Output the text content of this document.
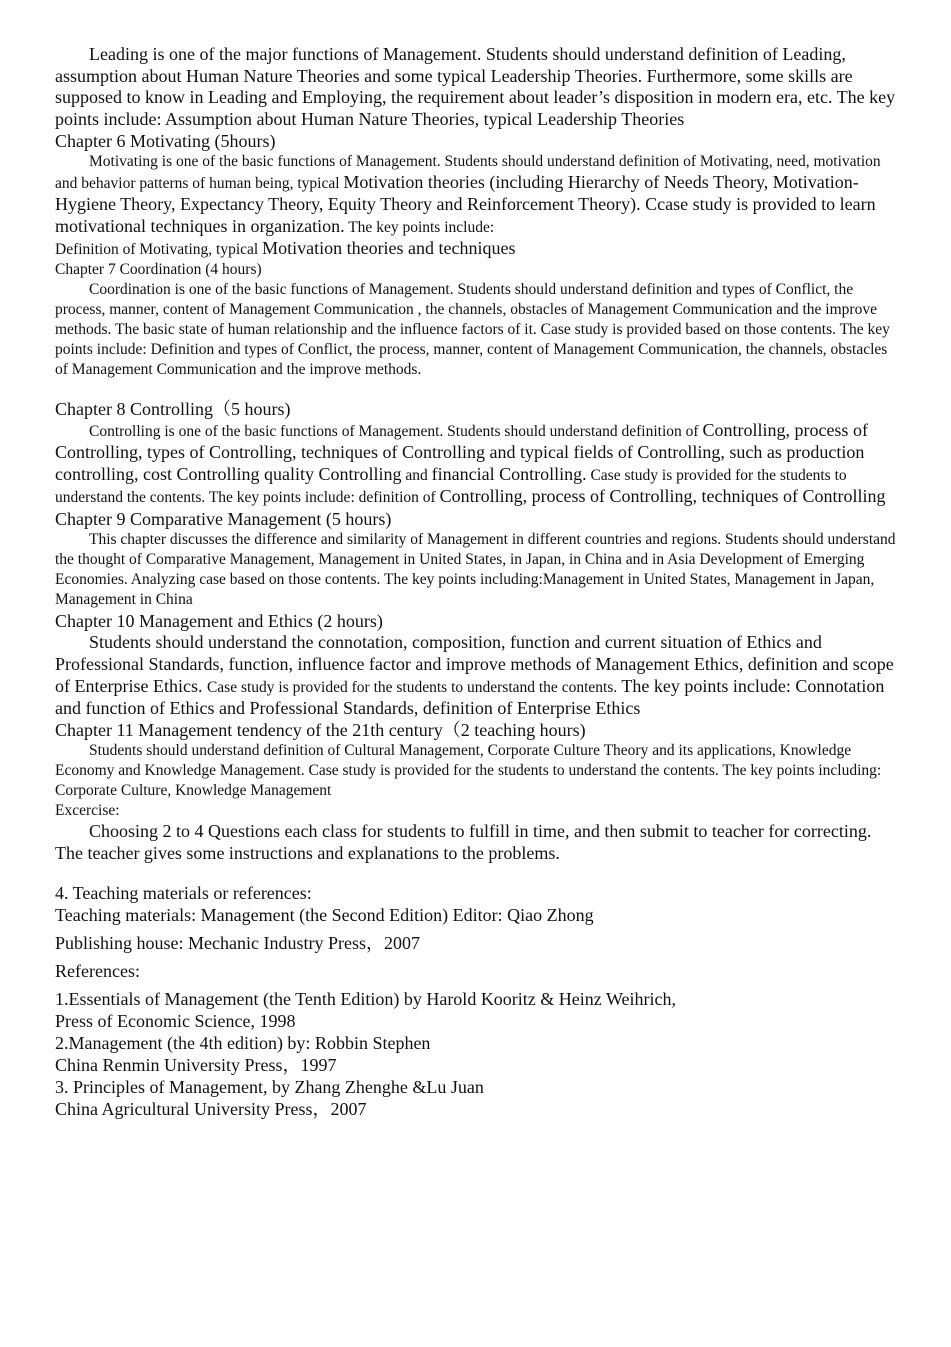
Leading is one of the major functions of Management. Students should understand definition of Leading, assumption about Human Nature Theories and some typical Leadership Theories. Furthermore, some skills are supposed to know in Leading and Employing, the requirement about leader’s disposition in modern era, etc. The key points include: Assumption about Human Nature Theories, typical Leadership Theories

Chapter 6 Motivating (5hours)

Motivating is one of the basic functions of Management. Students should understand definition of Motivating, need, motivation and behavior patterns of human being, typical Motivation theories (including Hierarchy of Needs Theory, Motivation-Hygiene Theory, Expectancy Theory, Equity Theory and Reinforcement Theory). Ccase study is provided to learn motivational techniques in organization. The key points include:

Definition of Motivating, typical Motivation theories and techniques

Chapter 7 Coordination (4 hours)

Coordination is one of the basic functions of Management. Students should understand definition and types of Conflict, the process, manner, content of Management Communication , the channels, obstacles of Management Communication and the improve methods. The basic state of human relationship and the influence factors of it. Case study is provided based on those contents. The key points include: Definition and types of Conflict, the process, manner, content of Management Communication, the channels, obstacles of Management Communication and the improve methods.

Chapter 8 Controlling（5 hours)

Controlling is one of the basic functions of Management. Students should understand definition of Controlling, process of Controlling, types of Controlling, techniques of Controlling and typical fields of Controlling, such as production controlling, cost Controlling quality Controlling and financial Controlling. Case study is provided for the students to understand the contents. The key points include: definition of Controlling, process of Controlling, techniques of Controlling

Chapter 9 Comparative Management (5 hours)

This chapter discusses the difference and similarity of Management in different countries and regions. Students should understand the thought of Comparative Management, Management in United States, in Japan, in China and in Asia Development of Emerging Economies. Analyzing case based on those contents. The key points including:Management in United States, Management in Japan, Management in China

Chapter 10 Management and Ethics (2 hours)

Students should understand the connotation, composition, function and current situation of Ethics and Professional Standards, function, influence factor and improve methods of Management Ethics, definition and scope of Enterprise Ethics. Case study is provided for the students to understand the contents. The key points include: Connotation and function of Ethics and Professional Standards, definition of Enterprise Ethics

Chapter 11 Management tendency of the 21th century（2 teaching hours)

Students should understand definition of Cultural Management, Corporate Culture Theory and its applications, Knowledge Economy and Knowledge Management. Case study is provided for the students to understand the contents. The key points including: Corporate Culture, Knowledge Management

Excercise:

Choosing 2 to 4 Questions each class for students to fulfill in time, and then submit to teacher for correcting. The teacher gives some instructions and explanations to the problems.

4. Teaching materials or references:
Teaching materials: Management (the Second Edition) Editor: Qiao Zhong
Publishing house: Mechanic Industry Press，2007
References:
1.Essentials of Management (the Tenth Edition) by Harold Kooritz & Heinz Weihrich,
Press of Economic Science, 1998
2.Management (the 4th edition) by: Robbin Stephen
China Renmin University Press，1997
3. Principles of Management, by Zhang Zhenghe &Lu Juan
China Agricultural University Press，2007
